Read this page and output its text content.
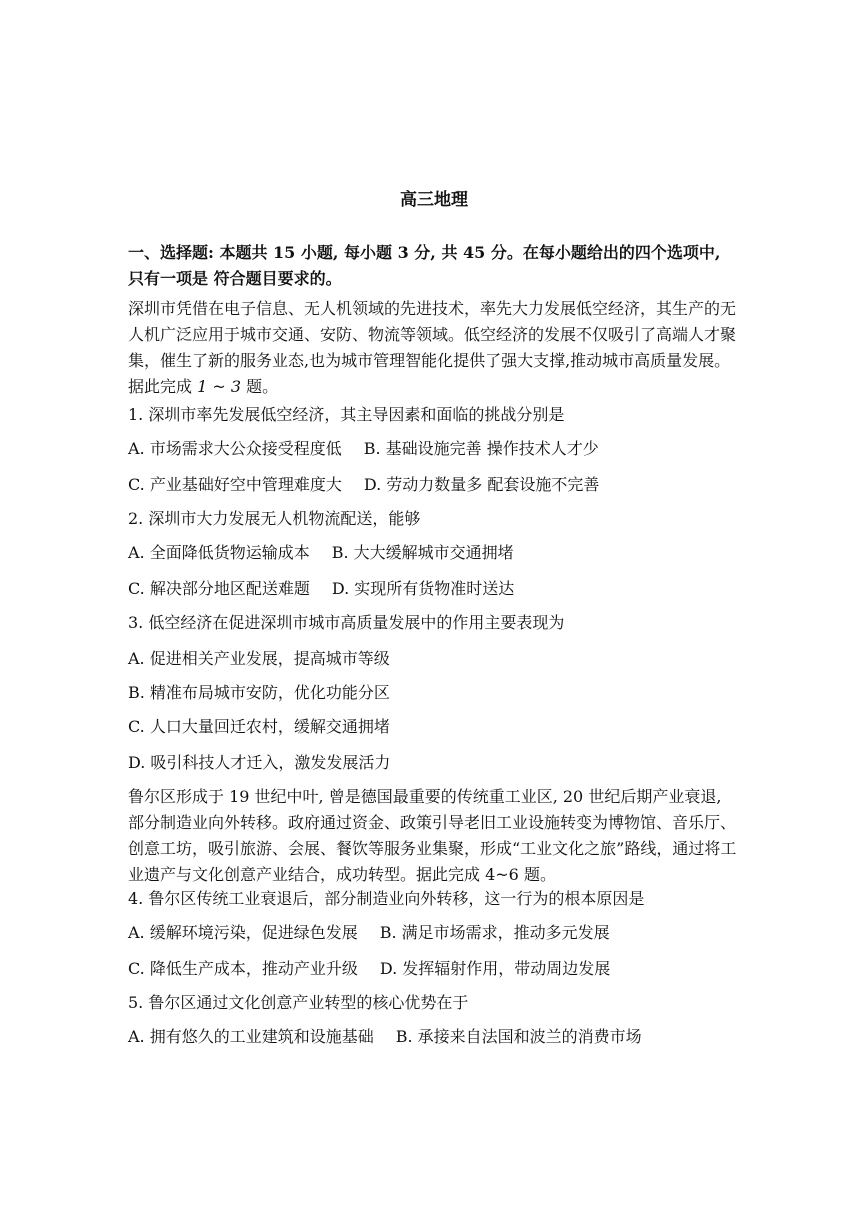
高三地理
一、选择题: 本题共 15 小题, 每小题 3 分, 共 45 分。在每小题给出的四个选项中, 只有一项是 符合题目要求的。
深圳市凭借在电子信息、无人机领域的先进技术，率先大力发展低空经济，其生产的无人机广泛应用于城市交通、安防、物流等领域。低空经济的发展不仅吸引了高端人才聚集，催生了新的服务业态,也为城市管理智能化提供了强大支撑,推动城市高质量发展。据此完成 1 ~ 3 题。
1. 深圳市率先发展低空经济，其主导因素和面临的挑战分别是
A. 市场需求大公众接受程度低 B. 基础设施完善 操作技术人才少
C. 产业基础好空中管理难度大 D. 劳动力数量多 配套设施不完善
2. 深圳市大力发展无人机物流配送，能够
A. 全面降低货物运输成本 B. 大大缓解城市交通拥堵
C. 解决部分地区配送难题 D. 实现所有货物准时送达
3. 低空经济在促进深圳市城市高质量发展中的作用主要表现为
A. 促进相关产业发展，提高城市等级
B. 精准布局城市安防，优化功能分区
C. 人口大量回迁农村，缓解交通拥堵
D. 吸引科技人才迁入，激发发展活力
鲁尔区形成于 19 世纪中叶, 曾是德国最重要的传统重工业区, 20 世纪后期产业衰退, 部分制造业向外转移。政府通过资金、政策引导老旧工业设施转变为博物馆、音乐厅、创意工坊，吸引旅游、会展、餐饮等服务业集聚，形成“工业文化之旅”路线，通过将工业遗产与文化创意产业结合，成功转型。据此完成 4~6 题。
4. 鲁尔区传统工业衰退后，部分制造业向外转移，这一行为的根本原因是
A. 缓解环境污染，促进绿色发展 B. 满足市场需求，推动多元发展
C. 降低生产成本，推动产业升级 D. 发挥辐射作用，带动周边发展
5. 鲁尔区通过文化创意产业转型的核心优势在于
A. 拥有悠久的工业建筑和设施基础 B. 承接来自法国和波兰的消费市场
